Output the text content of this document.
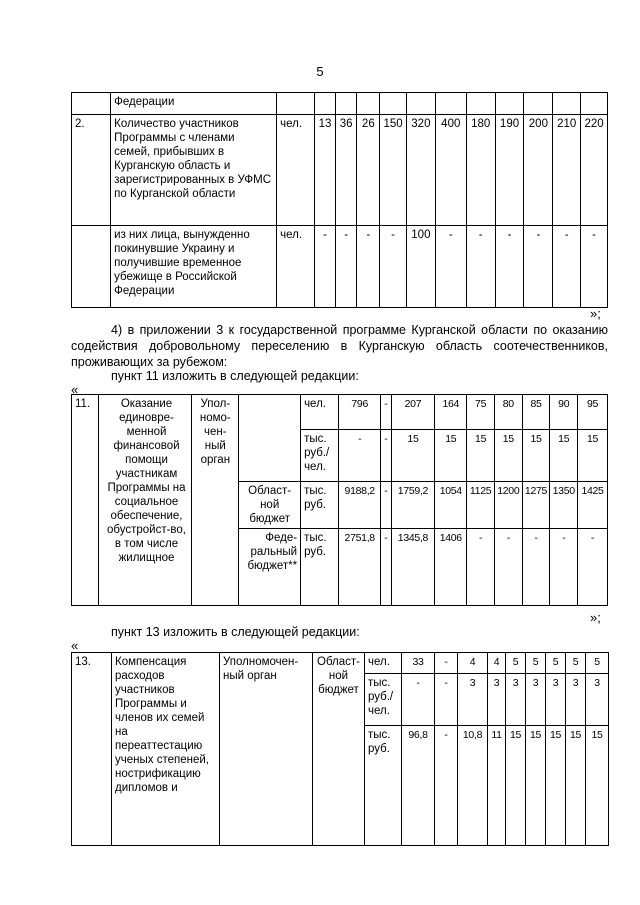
5
	Федерации												
2.	Количество участников Программы с членами семей, прибывших в Курганскую область и зарегистрированных в УФМС по Курганской области	чел.	13	36	26	150	320	400	180	190	200	210	220
	из них лица, вынужденно покинувшие Украину и получившие временное убежище в Российской Федерации	чел.	-	-	-	-	100	-	-	-	-	-	-
»;
4) в приложении 3 к государственной программе Курганской области по оказанию содействия добровольному переселению в Курганскую область соотечественников, проживающих за рубежом:
пункт 11 изложить в следующей редакции:
«
11.	Оказание единовре-менной финансовой помощи участникам Программы на социальное обеспечение, обустройст-во, в том числе жилищное	Упол-номо-чен-ный орган		чел.	796	-	207	164	75	80	85	90	95
				тыс. руб./ чел.	-	-	15	15	15	15	15	15	15
			Област-ной бюджет	тыс. руб.	9188,2	-	1759,2	1054	1125	1200	1275	1350	1425
			Феде-ральный бюджет**	тыс. руб.	2751,8	-	1345,8	1406	-	-	-	-	-
»;
пункт 13 изложить в следующей редакции:
«
13.	Компенсация расходов участников Программы и членов их семей на переаттестацию ученых степеней, нострификацию дипломов и	Уполномочен-ный орган	Област-ной бюджет	чел.	33	-	4	4	5	5	5	5	5
				тыс. руб./ чел.	-	-	3	3	3	3	3	3	3
				тыс. руб.	96,8	-	10,8	11	15	15	15	15	15
